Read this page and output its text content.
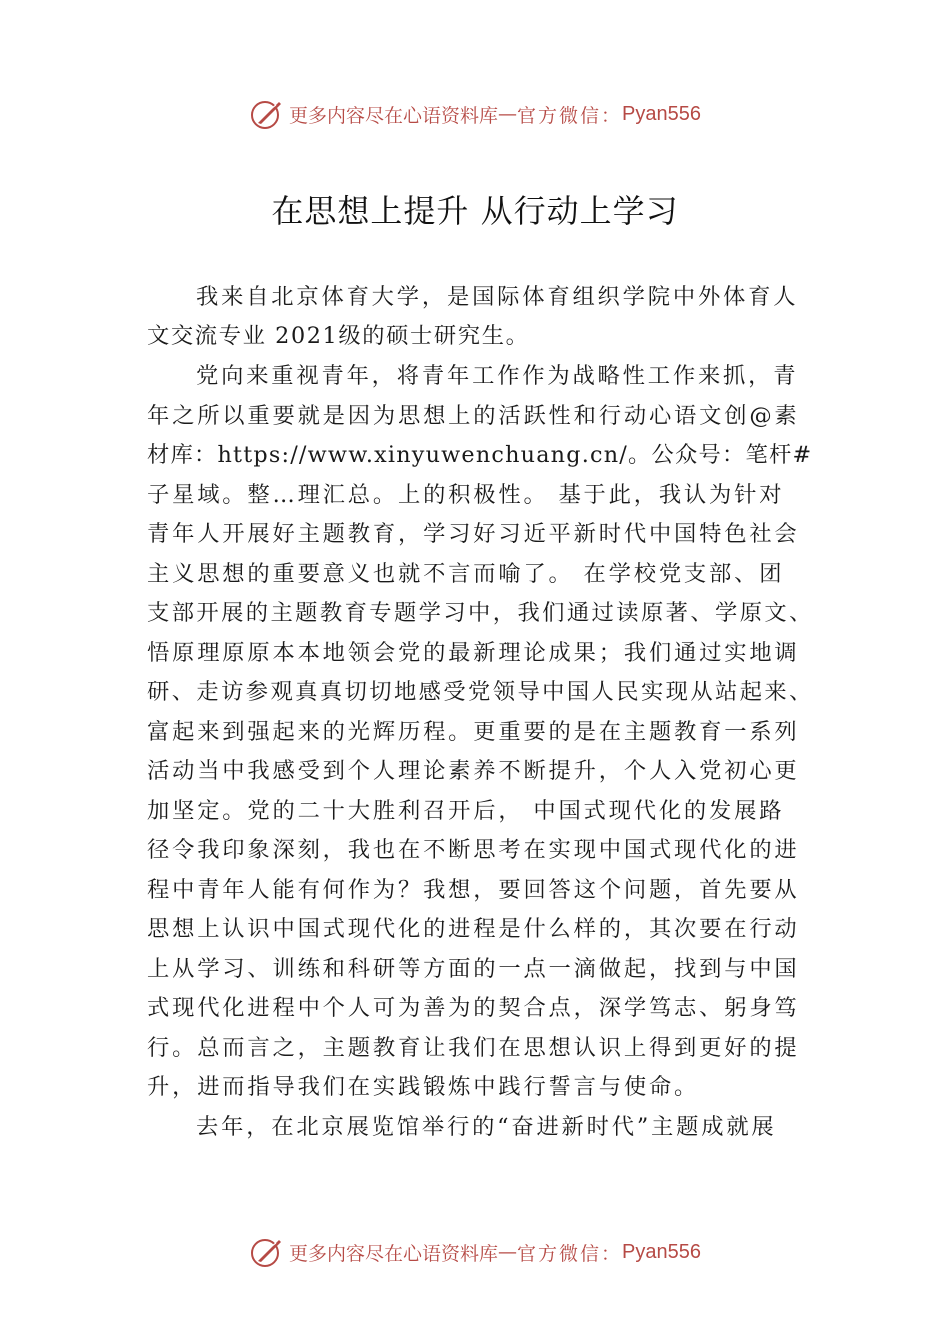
更多内容尽在心语资料库 — 官方微信： Pyan556
在思想上提升 从行动上学习
我来自北京体育大学，是国际体育组织学院中外体育人
文交流专业 2021级的硕士研究生。
党向来重视青年，将青年工作作为战略性工作来抓，青
年之所以重要就是因为思想上的活跃性和行动心语文创@素
材库：https://www.xinyuwenchuang.cn/。公众号：笔杆#
子星域。整…理汇总。上的积极性。 基于此，我认为针对
青年人开展好主题教育，学习好习近平新时代中国特色社会
主义思想的重要意义也就不言而喻了。 在学校党支部、团
支部开展的主题教育专题学习中，我们通过读原著、学原文、
悟原理原原本本地领会党的最新理论成果；我们通过实地调
研、走访参观真真切切地感受党领导中国人民实现从站起来、
富起来到强起来的光辉历程。更重要的是在主题教育一系列
活动当中我感受到个人理论素养不断提升，个人入党初心更
加坚定。党的二十大胜利召开后， 中国式现代化的发展路
径令我印象深刻，我也在不断思考在实现中国式现代化的进
程中青年人能有何作为？我想，要回答这个问题，首先要从
思想上认识中国式现代化的进程是什么样的，其次要在行动
上从学习、训练和科研等方面的一点一滴做起，找到与中国
式现代化进程中个人可为善为的契合点，深学笃志、躬身笃
行。总而言之，主题教育让我们在思想认识上得到更好的提
升，进而指导我们在实践锻炼中践行誓言与使命。
去年，在北京展览馆举行的“奋进新时代”主题成就展
更多内容尽在心语资料库 — 官方微信： Pyan556
